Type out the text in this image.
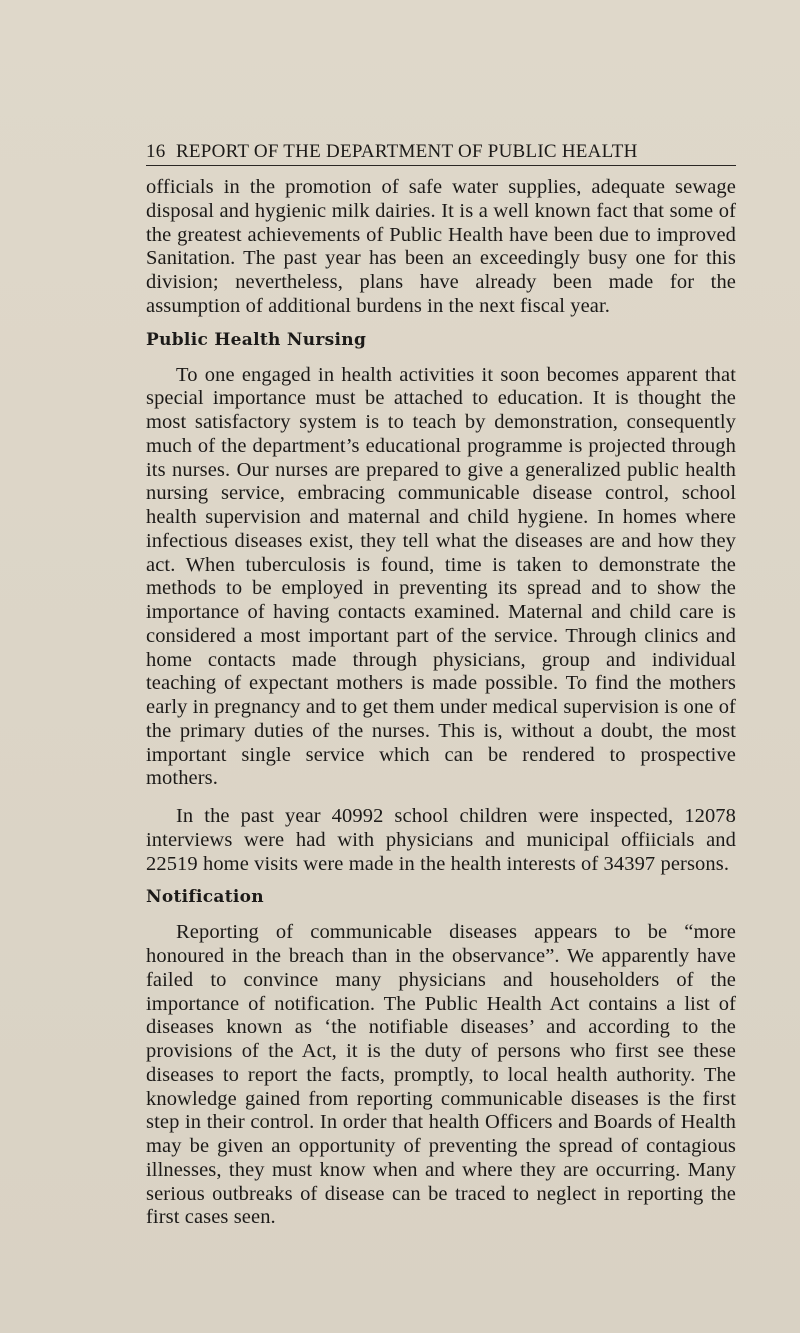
16 REPORT OF THE DEPARTMENT OF PUBLIC HEALTH

officials in the promotion of safe water supplies, adequate sewage disposal and hygienic milk dairies. It is a well known fact that some of the greatest achievements of Public Health have been due to improved Sanitation. The past year has been an exceedingly busy one for this division; nevertheless, plans have already been made for the assumption of additional burdens in the next fiscal year.

Public Health Nursing

To one engaged in health activities it soon becomes apparent that special importance must be attached to education. It is thought the most satisfactory system is to teach by demonstration, consequently much of the department’s educational programme is projected through its nurses. Our nurses are prepared to give a generalized public health nursing service, embracing communicable disease control, school health supervision and maternal and child hygiene. In homes where infectious diseases exist, they tell what the diseases are and how they act. When tuberculosis is found, time is taken to demonstrate the methods to be employed in preventing its spread and to show the importance of having contacts examined. Maternal and child care is considered a most important part of the service. Through clinics and home contacts made through physicians, group and individual teaching of expectant mothers is made possible. To find the mothers early in pregnancy and to get them under medical supervision is one of the primary duties of the nurses. This is, without a doubt, the most important single service which can be rendered to prospective mothers.

In the past year 40992 school children were inspected, 12078 interviews were had with physicians and municipal offiicials and 22519 home visits were made in the health interests of 34397 persons.

Notification

Reporting of communicable diseases appears to be “more honoured in the breach than in the observance”. We apparently have failed to convince many physicians and householders of the importance of notification. The Public Health Act contains a list of diseases known as ‘the notifiable diseases’ and according to the provisions of the Act, it is the duty of persons who first see these diseases to report the facts, promptly, to local health authority. The knowledge gained from reporting communicable diseases is the first step in their control. In order that health Officers and Boards of Health may be given an opportunity of preventing the spread of contagious illnesses, they must know when and where they are occurring. Many serious outbreaks of disease can be traced to neglect in reporting the first cases seen.
